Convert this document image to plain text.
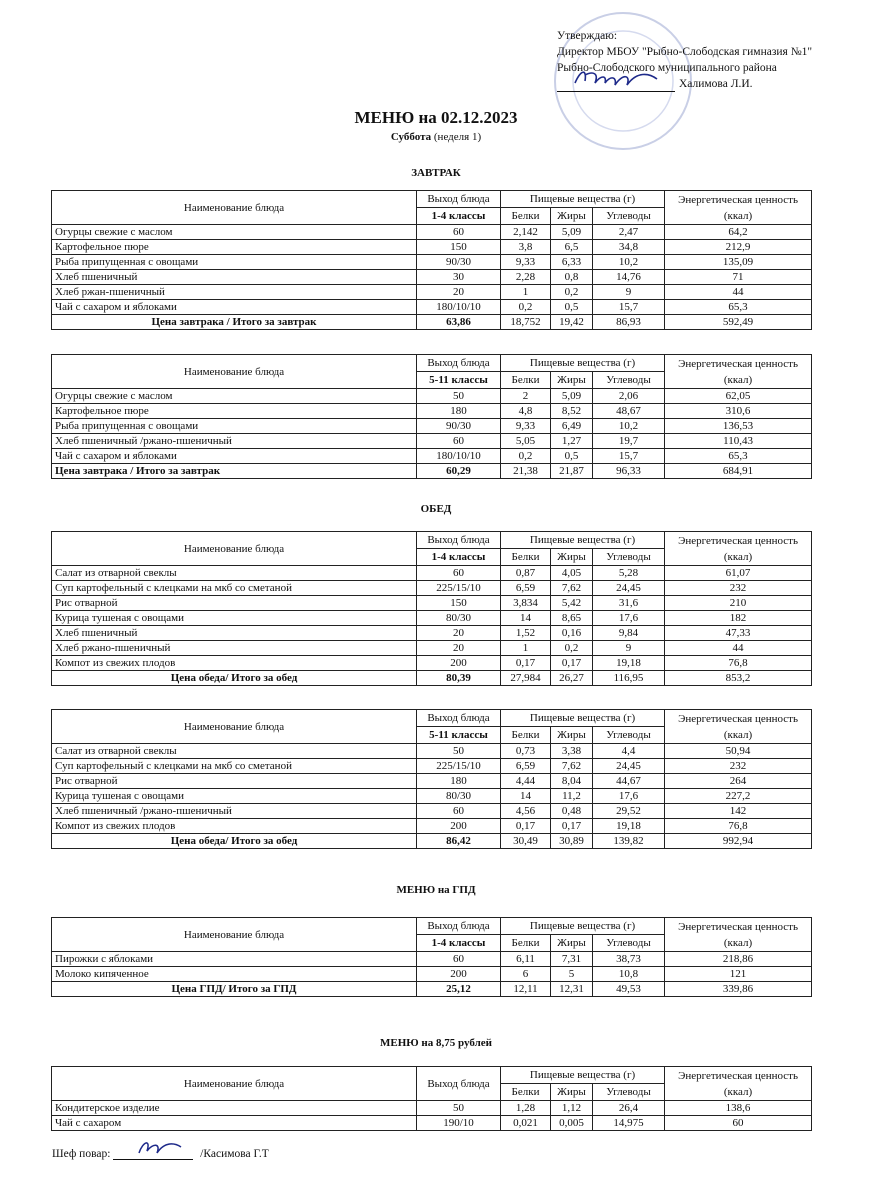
Утверждаю:
Директор МБОУ "Рыбно-Слободская гимназия №1"
Рыбно-Слободского муниципального района
Халимова Л.И.
МЕНЮ на 02.12.2023
Суббота (неделя 1)
ЗАВТРАК
ОБЕД
МЕНЮ на ГПД
МЕНЮ на 8,75 рублей
Наименование блюда	Выход блюда	Пищевые вещества (г)			Энергетическая ценность (ккал)
	1-4 классы	Белки	Жиры	Углеводы	
Огурцы свежие с маслом	60	2,142	5,09	2,47	64,2
Картофельное пюре	150	3,8	6,5	34,8	212,9
Рыба припущенная с овощами	90/30	9,33	6,33	10,2	135,09
Хлеб пшеничный	30	2,28	0,8	14,76	71
Хлеб ржан-пшеничный	20	1	0,2	9	44
Чай с сахаром и яблоками	180/10/10	0,2	0,5	15,7	65,3
Цена завтрака / Итого за завтрак	63,86	18,752	19,42	86,93	592,49
Наименование блюда	Выход блюда	Пищевые вещества (г)			Энергетическая ценность (ккал)
	5-11 классы	Белки	Жиры	Углеводы	
Огурцы свежие с маслом	50	2	5,09	2,06	62,05
Картофельное пюре	180	4,8	8,52	48,67	310,6
Рыба припущенная с овощами	90/30	9,33	6,49	10,2	136,53
Хлеб пшеничный /ржано-пшеничный	60	5,05	1,27	19,7	110,43
Чай с сахаром и яблоками	180/10/10	0,2	0,5	15,7	65,3
Цена завтрака / Итого за завтрак	60,29	21,38	21,87	96,33	684,91
Наименование блюда	Выход блюда	Пищевые вещества (г)			Энергетическая ценность (ккал)
	1-4 классы	Белки	Жиры	Углеводы	
Салат из отварной свеклы	60	0,87	4,05	5,28	61,07
Суп картофельный с клецками на мкб со сметаной	225/15/10	6,59	7,62	24,45	232
Рис отварной	150	3,834	5,42	31,6	210
Курица тушеная с овощами	80/30	14	8,65	17,6	182
Хлеб пшеничный	20	1,52	0,16	9,84	47,33
Хлеб ржано-пшеничный	20	1	0,2	9	44
Компот из свежих плодов	200	0,17	0,17	19,18	76,8
Цена обеда/ Итого за обед	80,39	27,984	26,27	116,95	853,2
Наименование блюда	Выход блюда	Пищевые вещества (г)			Энергетическая ценность (ккал)
	5-11 классы	Белки	Жиры	Углеводы	
Салат из отварной свеклы	50	0,73	3,38	4,4	50,94
Суп картофельный с клецками на мкб со сметаной	225/15/10	6,59	7,62	24,45	232
Рис отварной	180	4,44	8,04	44,67	264
Курица тушеная с овощами	80/30	14	11,2	17,6	227,2
Хлеб пшеничный /ржано-пшеничный	60	4,56	0,48	29,52	142
Компот из свежих плодов	200	0,17	0,17	19,18	76,8
Цена обеда/ Итого за обед	86,42	30,49	30,89	139,82	992,94
Наименование блюда	Выход блюда	Пищевые вещества (г)			Энергетическая ценность (ккал)
	1-4 классы	Белки	Жиры	Углеводы	
Пирожки с яблоками	60	6,11	7,31	38,73	218,86
Молоко кипяченное	200	6	5	10,8	121
Цена ГПД/ Итого за ГПД	25,12	12,11	12,31	49,53	339,86
Наименование блюда	Выход блюда	Пищевые вещества (г)			Энергетическая ценность (ккал)
		Белки	Жиры	Углеводы	
Кондитерское изделие	50	1,28	1,12	26,4	138,6
Чай с сахаром	190/10	0,021	0,005	14,975	60
Шеф повар:	/Касимова Г.Т
